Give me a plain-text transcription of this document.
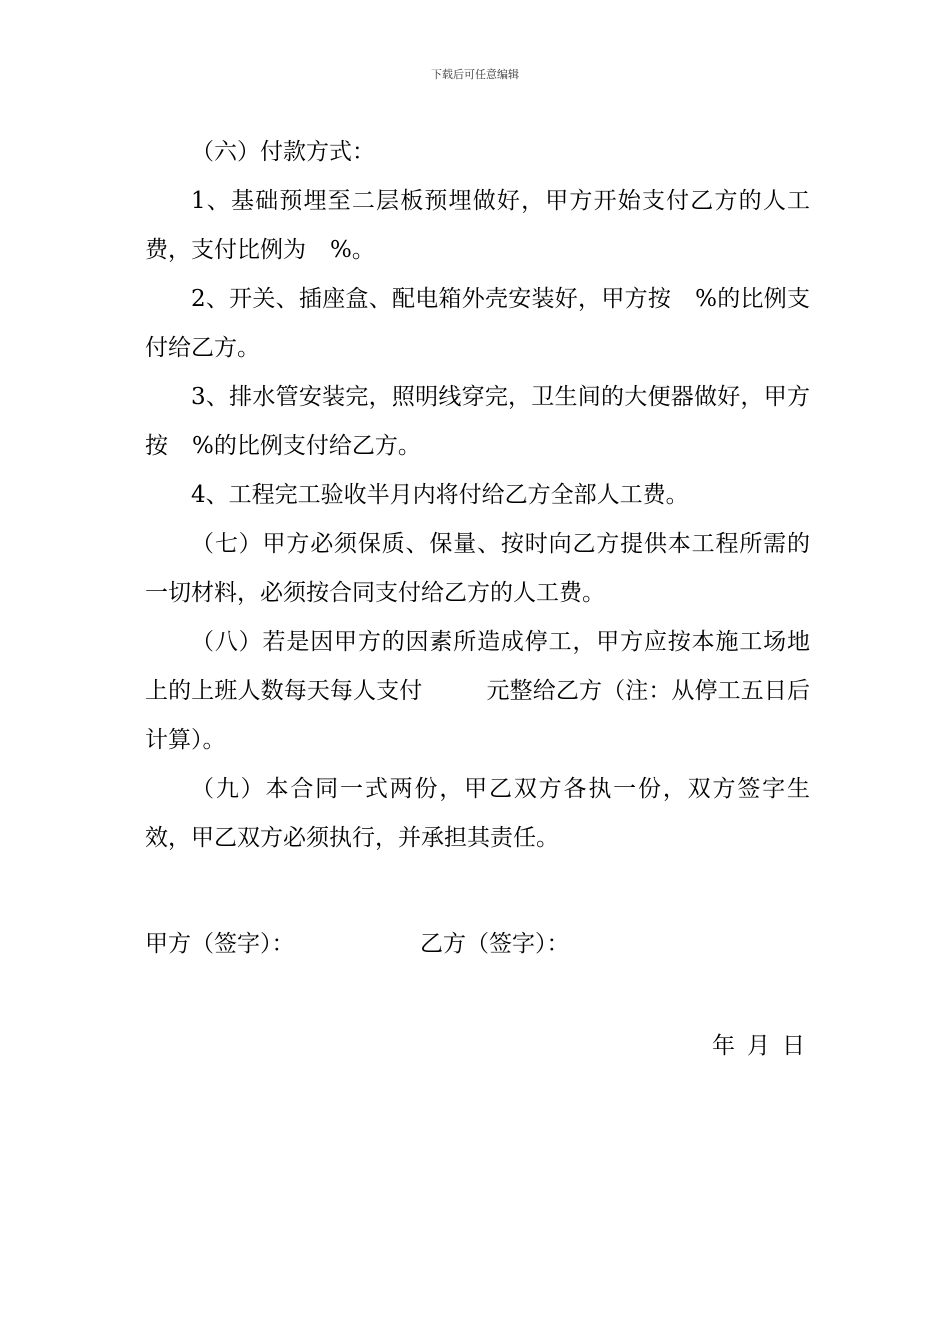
下载后可任意编辑

（六）付款方式：

1、基础预埋至二层板预埋做好，甲方开始支付乙方的人工费，支付比例为 %。

2、开关、插座盒、配电箱外壳安装好，甲方按 %的比例支付给乙方。

3、排水管安装完，照明线穿完，卫生间的大便器做好，甲方按 %的比例支付给乙方。

4、工程完工验收半月内将付给乙方全部人工费。

（七）甲方必须保质、保量、按时向乙方提供本工程所需的一切材料，必须按合同支付给乙方的人工费。

（八）若是因甲方的因素所造成停工，甲方应按本施工场地上的上班人数每天每人支付	元整给乙方（注：从停工五日后计算）。

（九）本合同一式两份，甲乙双方各执一份，双方签字生效，甲乙双方必须执行，并承担其责任。

甲方（签字）：	乙方（签字）：
年 月 日
